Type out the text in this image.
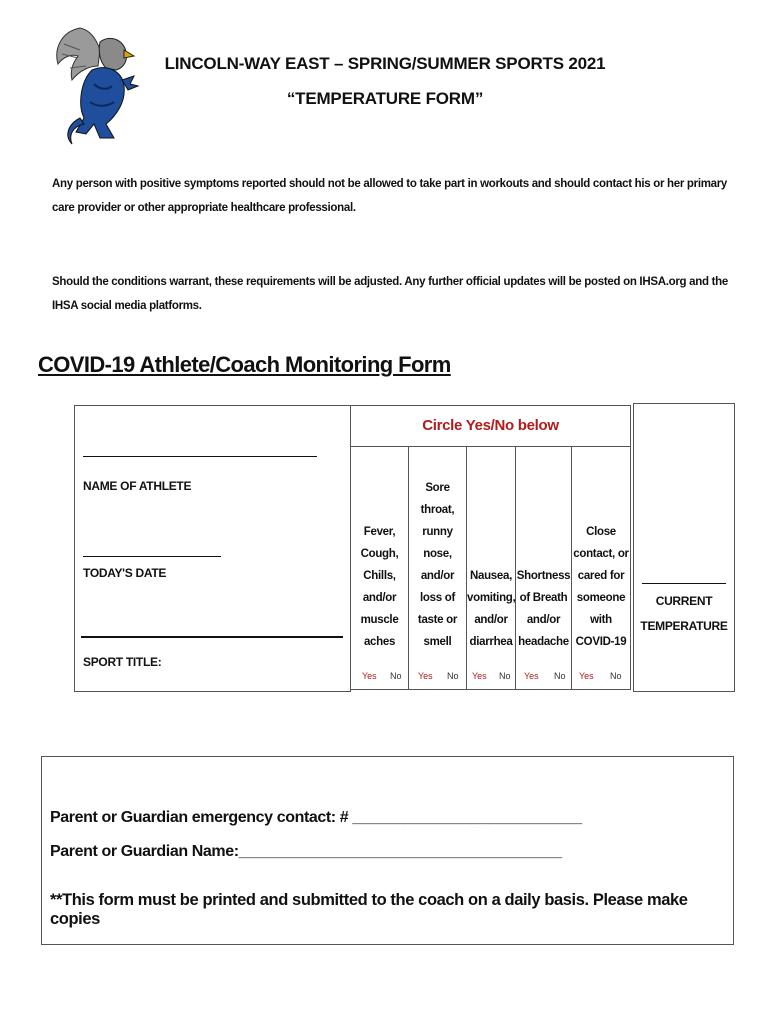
LINCOLN-WAY EAST – SPRING/SUMMER SPORTS 2021
“TEMPERATURE FORM”
Any person with positive symptoms reported should not be allowed to take part in workouts and should contact his or her primary care provider or other appropriate healthcare professional.
Should the conditions warrant, these requirements will be adjusted. Any further official updates will be posted on IHSA.org and the IHSA social media platforms.
COVID-19 Athlete/Coach Monitoring Form
NAME OF ATHLETE
TODAY'S DATE
SPORT TITLE:
Circle Yes/No below
Fever,
Cough,
Chills,
and/or
muscle
aches
Yes No
Sore
throat,
runny
nose,
and/or
loss of
taste or
smell
Yes No
Nausea,
vomiting,
and/or
diarrhea
Yes No
Shortness
of Breath
and/or
headache
Yes No
Close
contact, or
cared for
someone
with
COVID-19
Yes No
CURRENT
TEMPERATURE
Parent or Guardian emergency contact: # ___________________________
Parent or Guardian Name:______________________________________
**This form must be printed and submitted to the coach on a daily basis. Please make copies
